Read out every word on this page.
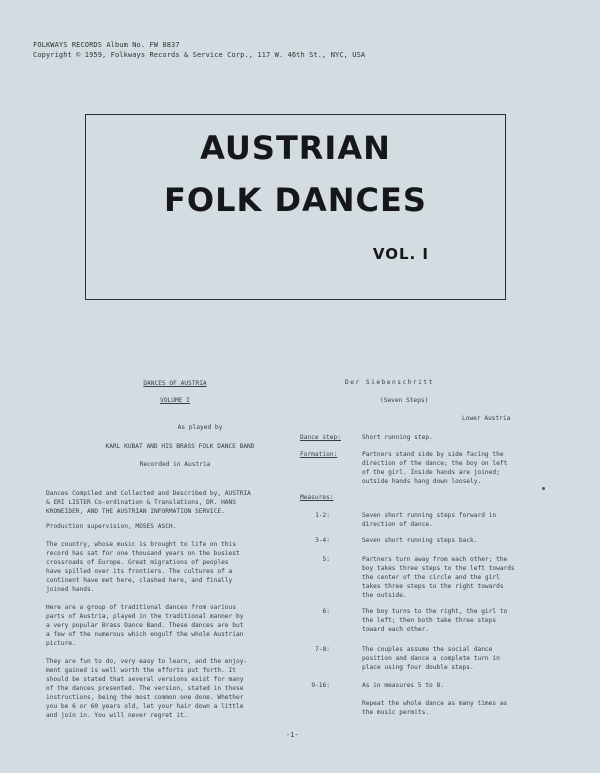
FOLKWAYS RECORDS Album No. FW 8837
Copyright © 1959, Folkways Records & Service Corp., 117 W. 46th St., NYC, USA
AUSTRIAN
FOLK DANCES
VOL. I
DANCES OF AUSTRIA
VOLUME I
As played by
KARL KUBAT AND HIS BRASS FOLK DANCE BAND
Recorded in Austria
Dances Compiled and Collected and Described by, AUSTRIA
& ERI LISTER Co-ordination & Translations, DR. HANS
KRONEIDER, AND THE AUSTRIAN INFORMATION SERVICE.
Production supervision, MOSES ASCH.
The country, whose music is brought to life on this
record has sat for one thousand years on the busiest
crossroads of Europe. Great migrations of peoples
have spilled over its frontiers. The cultures of a
continent have met here, clashed here, and finally
joined hands.
Here are a group of traditional dances from various
parts of Austria, played in the traditional manner by
a very popular Brass Dance Band. These dances are but
a few of the numerous which engulf the whole Austrian
picture.
They are fun to do, very easy to learn, and the enjoy-
ment gained is well worth the efforts put forth. It
should be stated that several versions exist for many
of the dances presented. The version, stated in these
instructions, being the most common one done. Whether
you be 6 or 60 years old, let your hair down a little
and join in. You will never regret it.
Der Siebenschritt
(Seven Steps)
Lower Austria
Dance step:	Short running step.
Formation:	Partners stand side by side facing the
direction of the dance; the boy on left
of the girl. Inside hands are joined;
outside hands hang down loosely.
Measures:
1-2:	Seven short running steps forward in
direction of dance.
3-4:	Seven short running steps back.
5:	Partners turn away from each other; the
boy takes three steps to the left towards
the center of the circle and the girl
takes three steps to the right towards
the outside.
6:	The boy turns to the right, the girl to
the left; then both take three steps
toward each other.
7-8:	The couples assume the social dance
position and dance a complete turn in
place using four double steps.
9-16:	As in measures 5 to 8.
Repeat the whole dance as many times as
the music permits.
-1-
